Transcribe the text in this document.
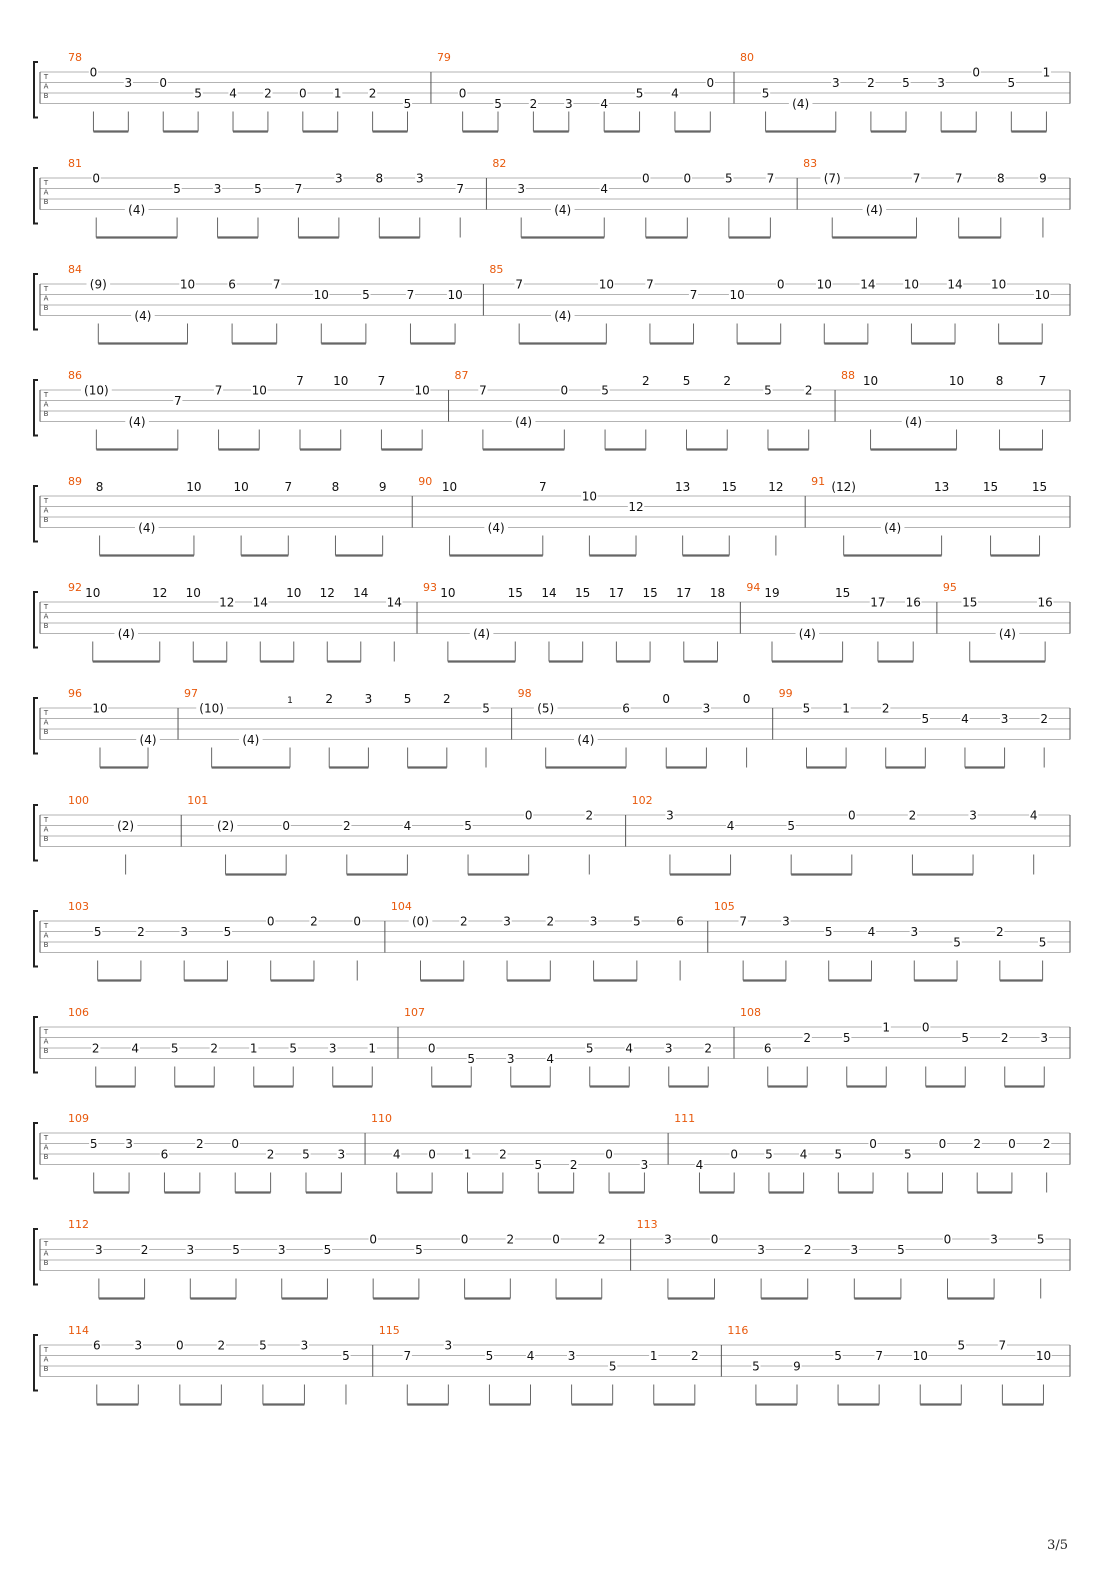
T
A
B
78
0
3 0
5 4 2 0 1 2
5
79
0
5 2 3 4
5 4
0
80
5
(4)
3 2 5 3
0
5
1
T
A
B
81
0
(4)
5	3	5	7
3	8	3
7
82
3
(4)
4
0	0	5	7
83
(7)
(4)
7	7	8	9
T
A
B
84
(9)
(4)
10	6	7
10	5	7	10
85
7
(4)
10	7
7	10
0	10 14 10 14 10
10
T
A
B
86
(10)
(4)
7
7 10
7 10 7
10
87
7
(4)
0	5
2	5	2
5	2
88 10
(4)
10	8	7
T
A
B
89 8
(4)
10	10	7	8	9	90 10
(4)
7
10
12
13	15	12	91 (12)
(4)
13	15	15
T
A
B
92 10
(4)
12 10
12 14
10 12 14
14
93 10
(4)
15 14 15 17 15 17 18 94 19
(4)
15
17 16
95
15
(4)
16
T
A
B
96
10
(4)
97
(10)
(4)
1	2	3	5	2
5
98
(5)
(4)
6
0
3
0	99
5	1	2
5	4	3	2
T
A
B
100
(2)
101
(2)	0	2	4	5
0	2
102
3
4	5
0	2	3	4
T
A
B
103
5	2	3	5
0	2	0
104
(0)	2	3	2	3	5	6
105
7	3
5	4	3
5
2
5
T
A
B
106
2	4	5	2	1	5	3	1
107
0
5	3	4
5	4	3	2
108
6
2	5
1	0
5	2	3
T
A
B
109
5 3
6
2 0
2 5 3
110
4 0 1 2
5 2
0
3
111
4
0 5 4 5
0
5
0 2 0 2
T
A
B
112
3	2	3	5	3	5
0
5
0	2	0	2
113
3	0
3	2	3	5
0	3	5
T
A
B
114
6	3	0	2	5	3
5
115
7
3
5	4	3
5
1	2
116
5	9
5	7 10
5	7
10
3/5
